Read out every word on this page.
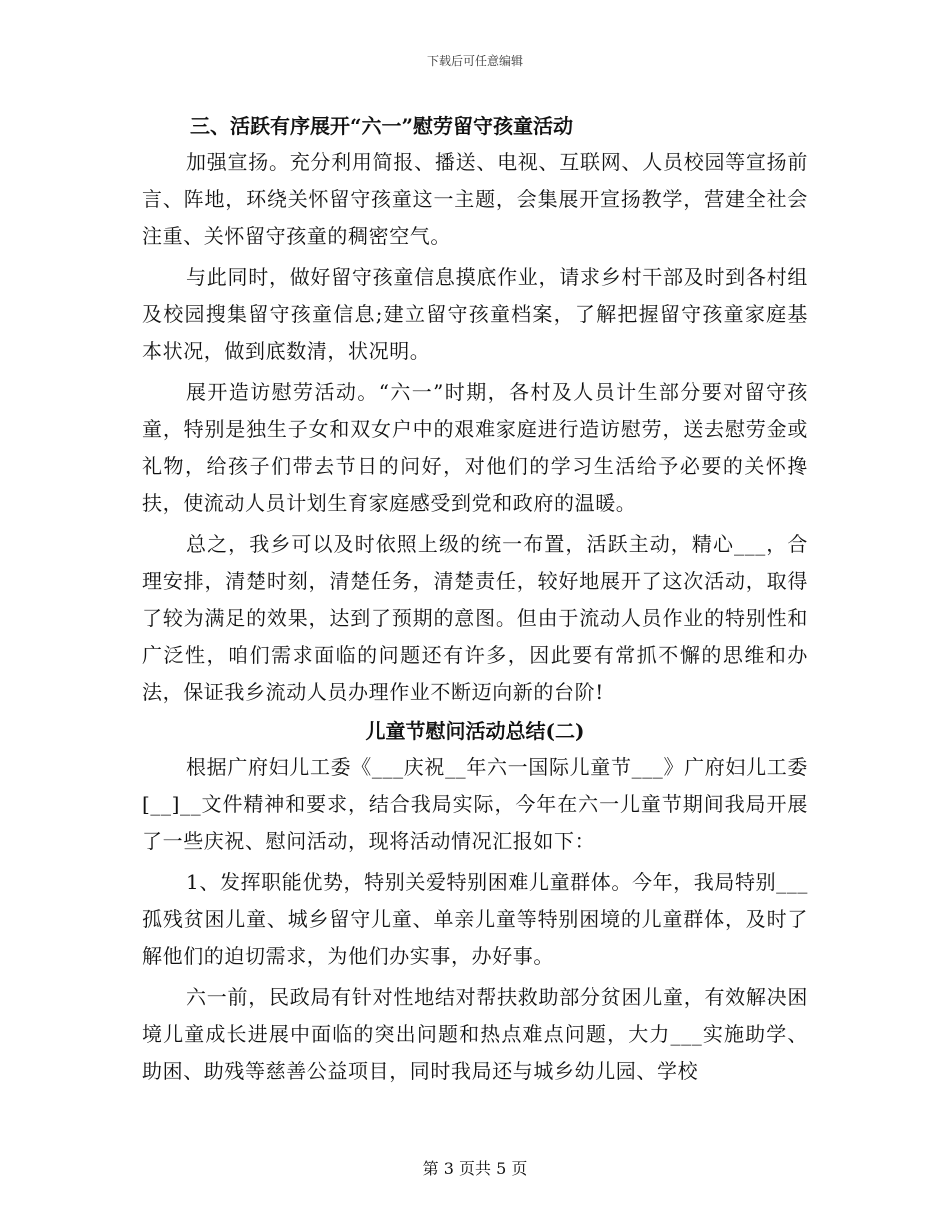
下载后可任意编辑
三、活跃有序展开“六一”慰劳留守孩童活动

加强宣扬。充分利用简报、播送、电视、互联网、人员校园等宣扬前言、阵地，环绕关怀留守孩童这一主题，会集展开宣扬教学，营建全社会注重、关怀留守孩童的稠密空气。

与此同时，做好留守孩童信息摸底作业，请求乡村干部及时到各村组及校园搜集留守孩童信息;建立留守孩童档案，了解把握留守孩童家庭基本状况，做到底数清，状况明。

展开造访慰劳活动。“六一”时期，各村及人员计生部分要对留守孩童，特别是独生子女和双女户中的艰难家庭进行造访慰劳，送去慰劳金或礼物，给孩子们带去节日的问好，对他们的学习生活给予必要的关怀搀扶，使流动人员计划生育家庭感受到党和政府的温暖。

总之，我乡可以及时依照上级的统一布置，活跃主动，精心___，合理安排，清楚时刻，清楚任务，清楚责任，较好地展开了这次活动，取得了较为满足的效果，达到了预期的意图。但由于流动人员作业的特别性和广泛性，咱们需求面临的问题还有许多，因此要有常抓不懈的思维和办法，保证我乡流动人员办理作业不断迈向新的台阶!

儿童节慰问活动总结(二)

根据广府妇儿工委《___庆祝__年六一国际儿童节___》广府妇儿工委[__]__文件精神和要求，结合我局实际，今年在六一儿童节期间我局开展了一些庆祝、慰问活动，现将活动情况汇报如下：

1、发挥职能优势，特别关爱特别困难儿童群体。今年，我局特别___孤残贫困儿童、城乡留守儿童、单亲儿童等特别困境的儿童群体，及时了解他们的迫切需求，为他们办实事，办好事。

六一前，民政局有针对性地结对帮扶救助部分贫困儿童，有效解决困境儿童成长进展中面临的突出问题和热点难点问题，大力___实施助学、助困、助残等慈善公益项目，同时我局还与城乡幼儿园、学校

第 3 页共 5 页
